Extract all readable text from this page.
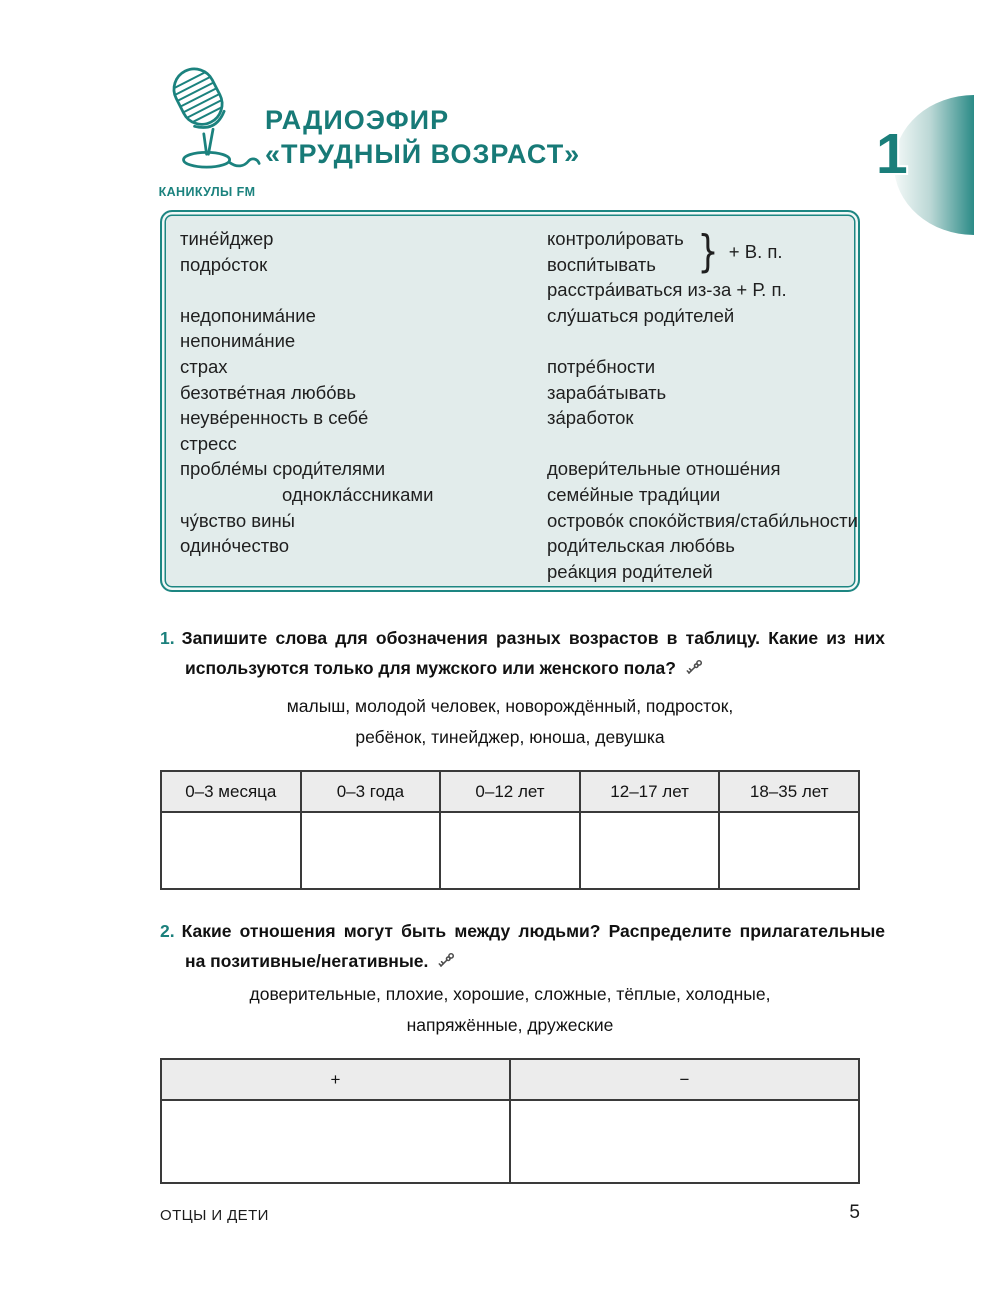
КАНИКУЛЫ FM
РАДИОЭФИР
«ТРУДНЫЙ ВОЗРАСТ»	1
тине́йджер
подро́сток
недопонима́ние
непонима́ние
страх
безотве́тная любо́вь
неуве́ренность в себе́
стресс
пробле́мы с роди́телями
однокла́ссниками
чу́вство вины́
одино́чество
контроли́ровать
воспи́тывать } + В. п.
расстра́иваться из-за + Р. п.
слу́шаться роди́телей
потре́бности
зараба́тывать
за́работок
довери́тельные отноше́ния
семе́йные тради́ции
острово́к споко́йствия/стаби́льности
роди́тельская любо́вь
реа́кция роди́телей
1. Запишите слова для обозначения разных возрастов в таблицу. Какие из них используются только для мужского или женского пола?
малыш, молодой человек, новорождённый, подросток,
ребёнок, тинейджер, юноша, девушка
0–3 месяца	0–3 года	0–12 лет	12–17 лет	18–35 лет

2. Какие отношения могут быть между людьми? Распределите прилагательные на позитивные/негативные.
доверительные, плохие, хорошие, сложные, тёплые, холодные,
напряжённые, дружеские
+	−

ОТЦЫ И ДЕТИ	5
